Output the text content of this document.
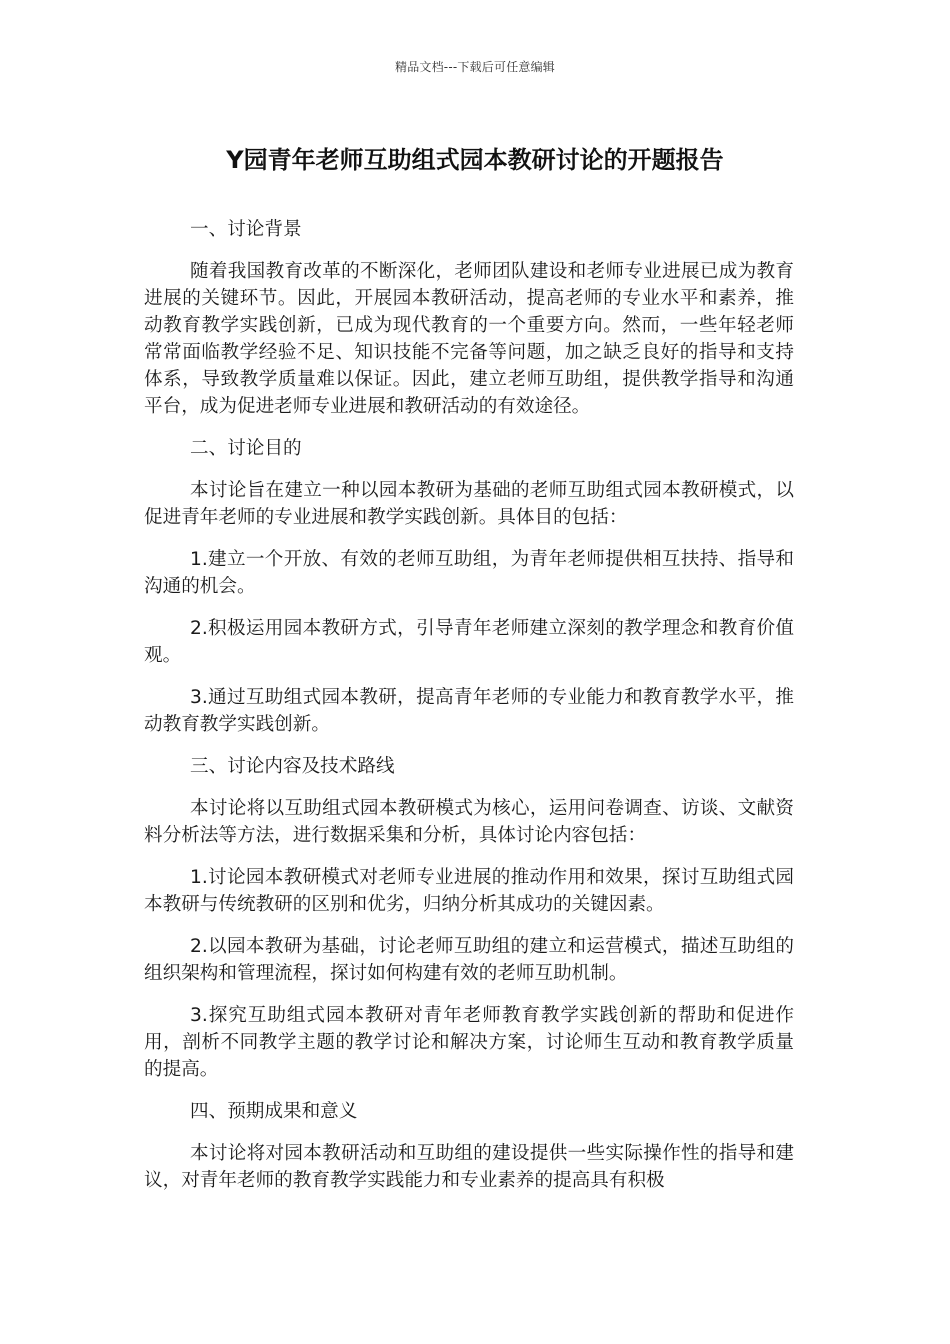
精品文档---下载后可任意编辑
Y园青年老师互助组式园本教研讨论的开题报告

一、讨论背景

随着我国教育改革的不断深化，老师团队建设和老师专业进展已成为教育进展的关键环节。因此，开展园本教研活动，提高老师的专业水平和素养，推动教育教学实践创新，已成为现代教育的一个重要方向。然而，一些年轻老师常常面临教学经验不足、知识技能不完备等问题，加之缺乏良好的指导和支持体系，导致教学质量难以保证。因此，建立老师互助组，提供教学指导和沟通平台，成为促进老师专业进展和教研活动的有效途径。

二、讨论目的

本讨论旨在建立一种以园本教研为基础的老师互助组式园本教研模式，以促进青年老师的专业进展和教学实践创新。具体目的包括：

1.建立一个开放、有效的老师互助组，为青年老师提供相互扶持、指导和沟通的机会。

2.积极运用园本教研方式，引导青年老师建立深刻的教学理念和教育价值观。

3.通过互助组式园本教研，提高青年老师的专业能力和教育教学水平，推动教育教学实践创新。

三、讨论内容及技术路线

本讨论将以互助组式园本教研模式为核心，运用问卷调查、访谈、文献资料分析法等方法，进行数据采集和分析，具体讨论内容包括：

1.讨论园本教研模式对老师专业进展的推动作用和效果，探讨互助组式园本教研与传统教研的区别和优劣，归纳分析其成功的关键因素。

2.以园本教研为基础，讨论老师互助组的建立和运营模式，描述互助组的组织架构和管理流程，探讨如何构建有效的老师互助机制。

3.探究互助组式园本教研对青年老师教育教学实践创新的帮助和促进作用，剖析不同教学主题的教学讨论和解决方案，讨论师生互动和教育教学质量的提高。

四、预期成果和意义

本讨论将对园本教研活动和互助组的建设提供一些实际操作性的指导和建议，对青年老师的教育教学实践能力和专业素养的提高具有积极
